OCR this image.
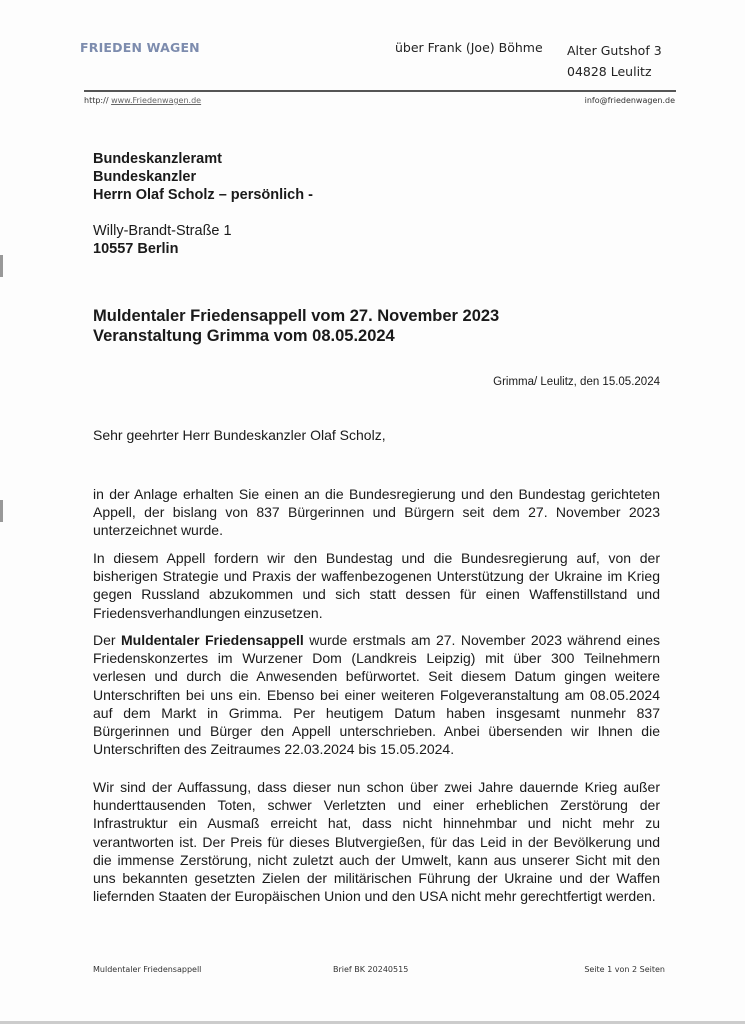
FRIEDEN WAGEN	über Frank (Joe) Böhme Alter Gutshof 3
04828 Leulitz
http:// www.Friedenwagen.de	info@friedenwagen.de
Bundeskanzleramt
Bundeskanzler
Herrn Olaf Scholz – persönlich -
Willy-Brandt-Straße 1
10557 Berlin
Muldentaler Friedensappell vom 27. November 2023
Veranstaltung Grimma vom 08.05.2024
Grimma/ Leulitz, den 15.05.2024
Sehr geehrter Herr Bundeskanzler Olaf Scholz,
in der Anlage erhalten Sie einen an die Bundesregierung und den Bundestag gerichteten Appell, der bislang von 837 Bürgerinnen und Bürgern seit dem 27. November 2023 unterzeichnet wurde.
In diesem Appell fordern wir den Bundestag und die Bundesregierung auf, von der bisherigen Strategie und Praxis der waffenbezogenen Unterstützung der Ukraine im Krieg gegen Russland abzukommen und sich statt dessen für einen Waffenstillstand und Friedensverhandlungen einzusetzen.
Der Muldentaler Friedensappell wurde erstmals am 27. November 2023 während eines Friedenskonzertes im Wurzener Dom (Landkreis Leipzig) mit über 300 Teilnehmern verlesen und durch die Anwesenden befürwortet. Seit diesem Datum gingen weitere Unterschriften bei uns ein. Ebenso bei einer weiteren Folgeveranstaltung am 08.05.2024 auf dem Markt in Grimma. Per heutigem Datum haben insgesamt nunmehr 837 Bürgerinnen und Bürger den Appell unterschrieben. Anbei übersenden wir Ihnen die Unterschriften des Zeitraumes 22.03.2024 bis 15.05.2024.
Wir sind der Auffassung, dass dieser nun schon über zwei Jahre dauernde Krieg außer hunderttausenden Toten, schwer Verletzten und einer erheblichen Zerstörung der Infrastruktur ein Ausmaß erreicht hat, dass nicht hinnehmbar und nicht mehr zu verantworten ist. Der Preis für dieses Blutvergießen, für das Leid in der Bevölkerung und die immense Zerstörung, nicht zuletzt auch der Umwelt, kann aus unserer Sicht mit den uns bekannten gesetzten Zielen der militärischen Führung der Ukraine und der Waffen liefernden Staaten der Europäischen Union und den USA nicht mehr gerechtfertigt werden.
Muldentaler Friedensappell	Brief BK 20240515	Seite 1 von 2 Seiten
